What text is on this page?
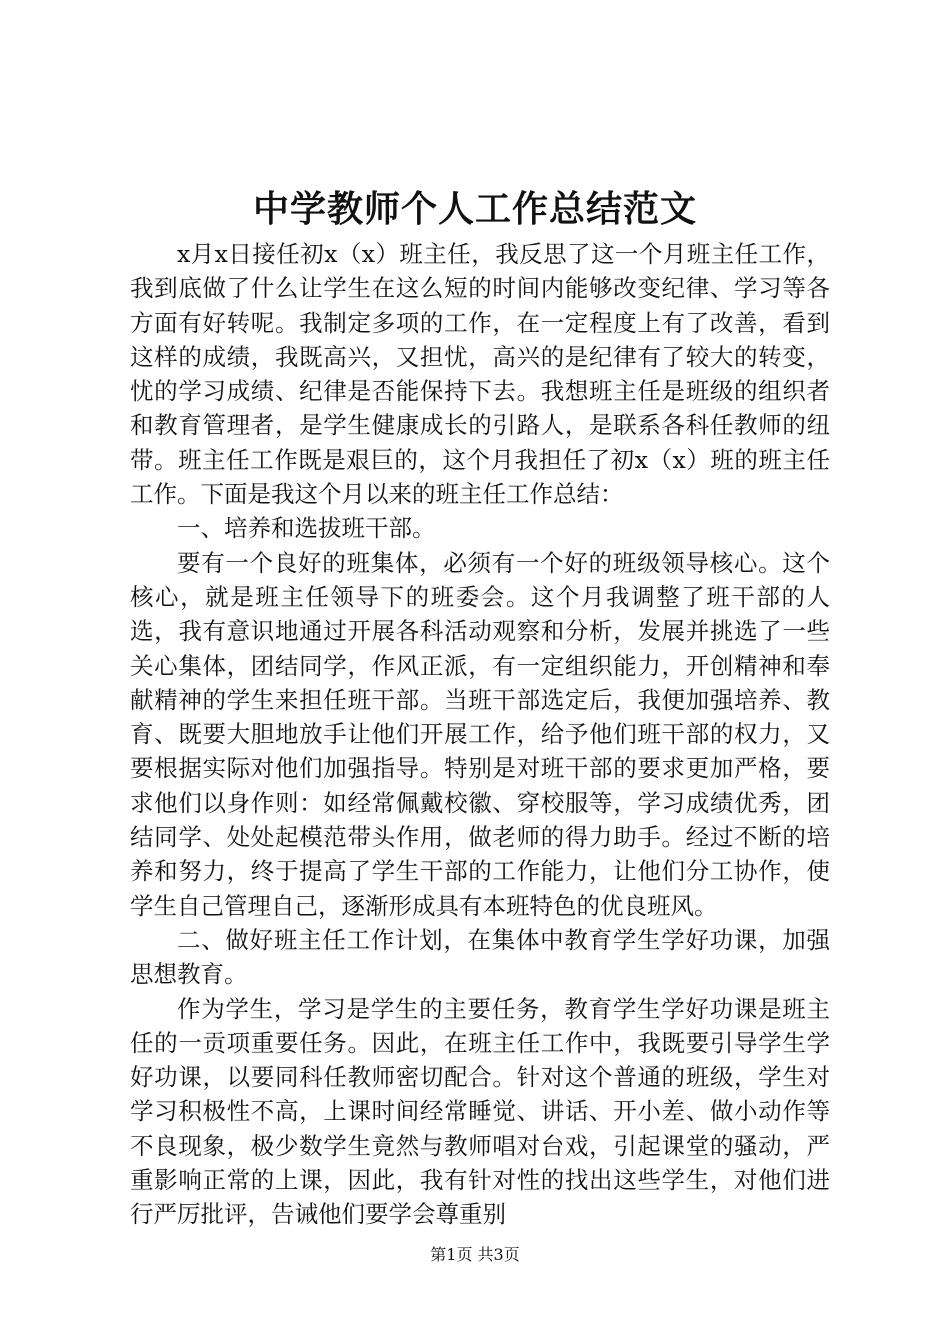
中学教师个人工作总结范文

x月x日接任初x（x）班主任，我反思了这一个月班主任工作，我到底做了什么让学生在这么短的时间内能够改变纪律、学习等各方面有好转呢。我制定多项的工作，在一定程度上有了改善，看到这样的成绩，我既高兴，又担忧，高兴的是纪律有了较大的转变，忧的学习成绩、纪律是否能保持下去。我想班主任是班级的组织者和教育管理者，是学生健康成长的引路人，是联系各科任教师的纽带。班主任工作既是艰巨的，这个月我担任了初x（x）班的班主任工作。下面是我这个月以来的班主任工作总结：

一、培养和选拔班干部。

要有一个良好的班集体，必须有一个好的班级领导核心。这个核心，就是班主任领导下的班委会。这个月我调整了班干部的人选，我有意识地通过开展各科活动观察和分析，发展并挑选了一些关心集体，团结同学，作风正派，有一定组织能力，开创精神和奉献精神的学生来担任班干部。当班干部选定后，我便加强培养、教育、既要大胆地放手让他们开展工作，给予他们班干部的权力，又要根据实际对他们加强指导。特别是对班干部的要求更加严格，要求他们以身作则：如经常佩戴校徽、穿校服等，学习成绩优秀，团结同学、处处起模范带头作用，做老师的得力助手。经过不断的培养和努力，终于提高了学生干部的工作能力，让他们分工协作，使学生自己管理自己，逐渐形成具有本班特色的优良班风。

二、做好班主任工作计划，在集体中教育学生学好功课，加强思想教育。

作为学生，学习是学生的主要任务，教育学生学好功课是班主任的一贡项重要任务。因此，在班主任工作中，我既要引导学生学好功课，以要同科任教师密切配合。针对这个普通的班级，学生对学习积极性不高，上课时间经常睡觉、讲话、开小差、做小动作等不良现象，极少数学生竟然与教师唱对台戏，引起课堂的骚动，严重影响正常的上课，因此，我有针对性的找出这些学生，对他们进行严厉批评，告诫他们要学会尊重别

第1页 共3页
